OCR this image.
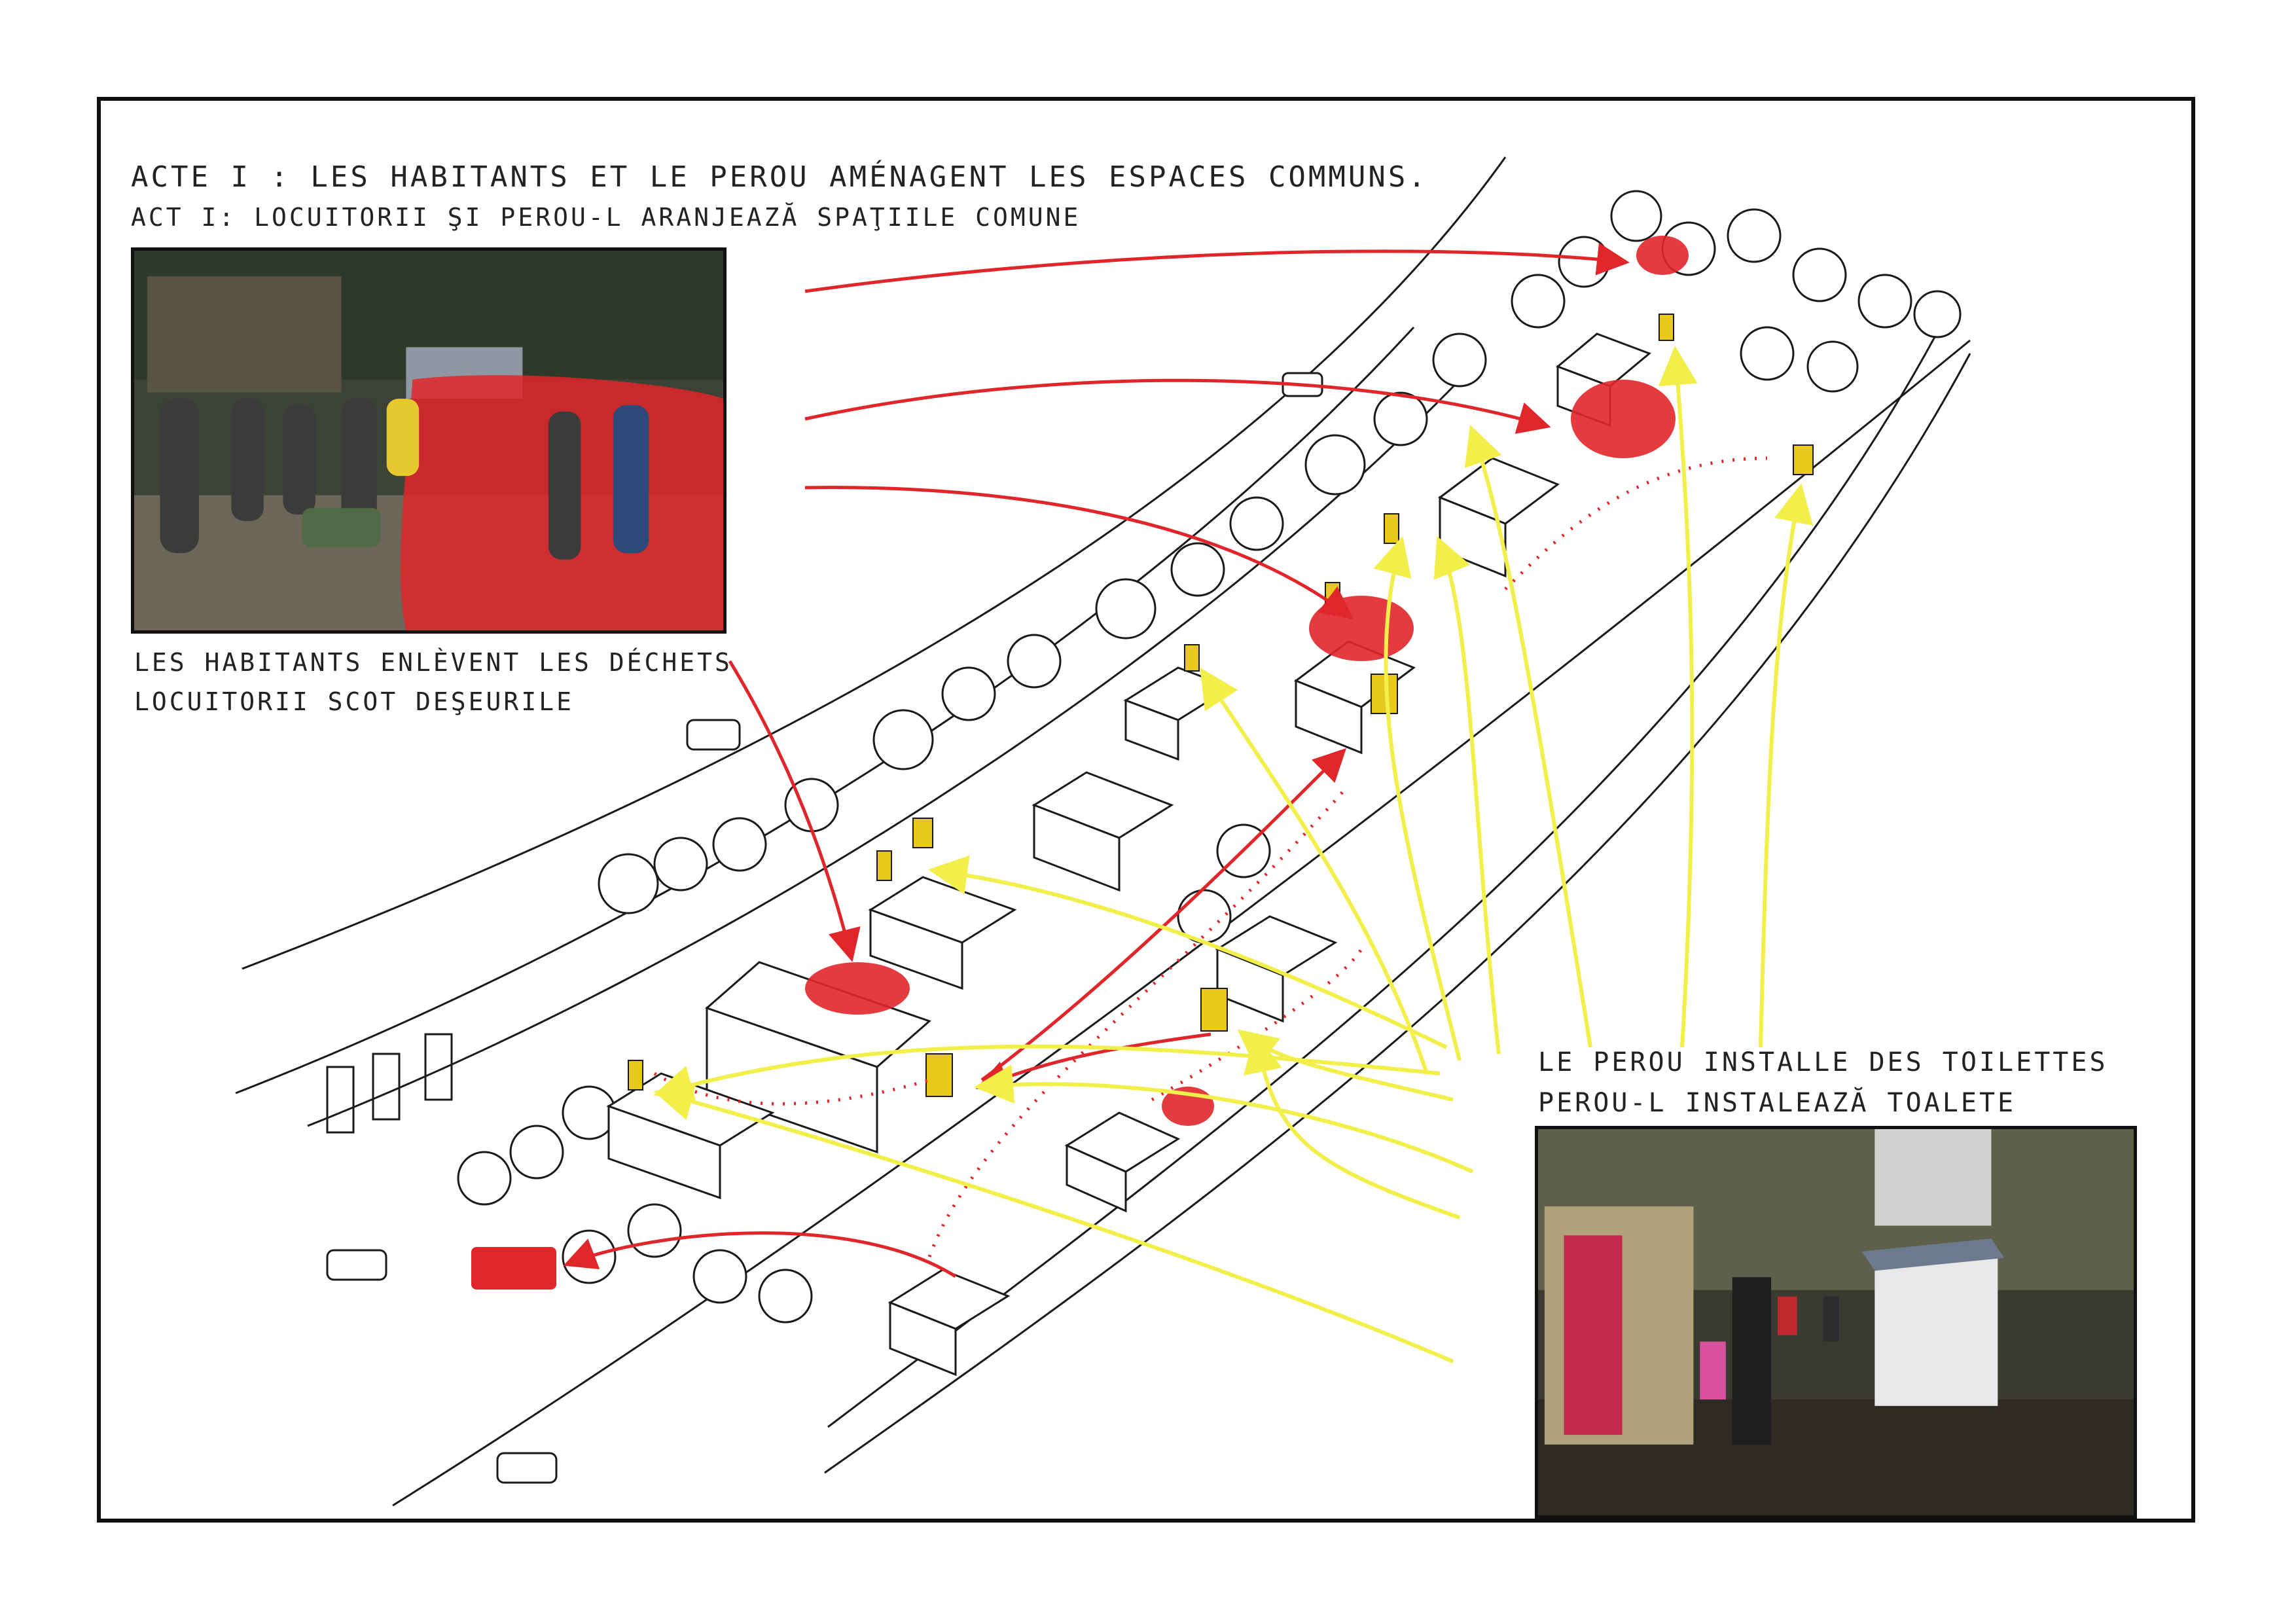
ACTE I : LES HABITANTS ET LE PEROU AMÉNAGENT LES ESPACES COMMUNS.
ACT I: LOCUITORII ŞI PEROU-L ARANJEAZĂ SPAŢIILE COMUNE
LES HABITANTS ENLÈVENT LES DÉCHETS
LOCUITORII SCOT DEŞEURILE
LE PEROU INSTALLE DES TOILETTES
PEROU-L INSTALEAZĂ TOALETE
